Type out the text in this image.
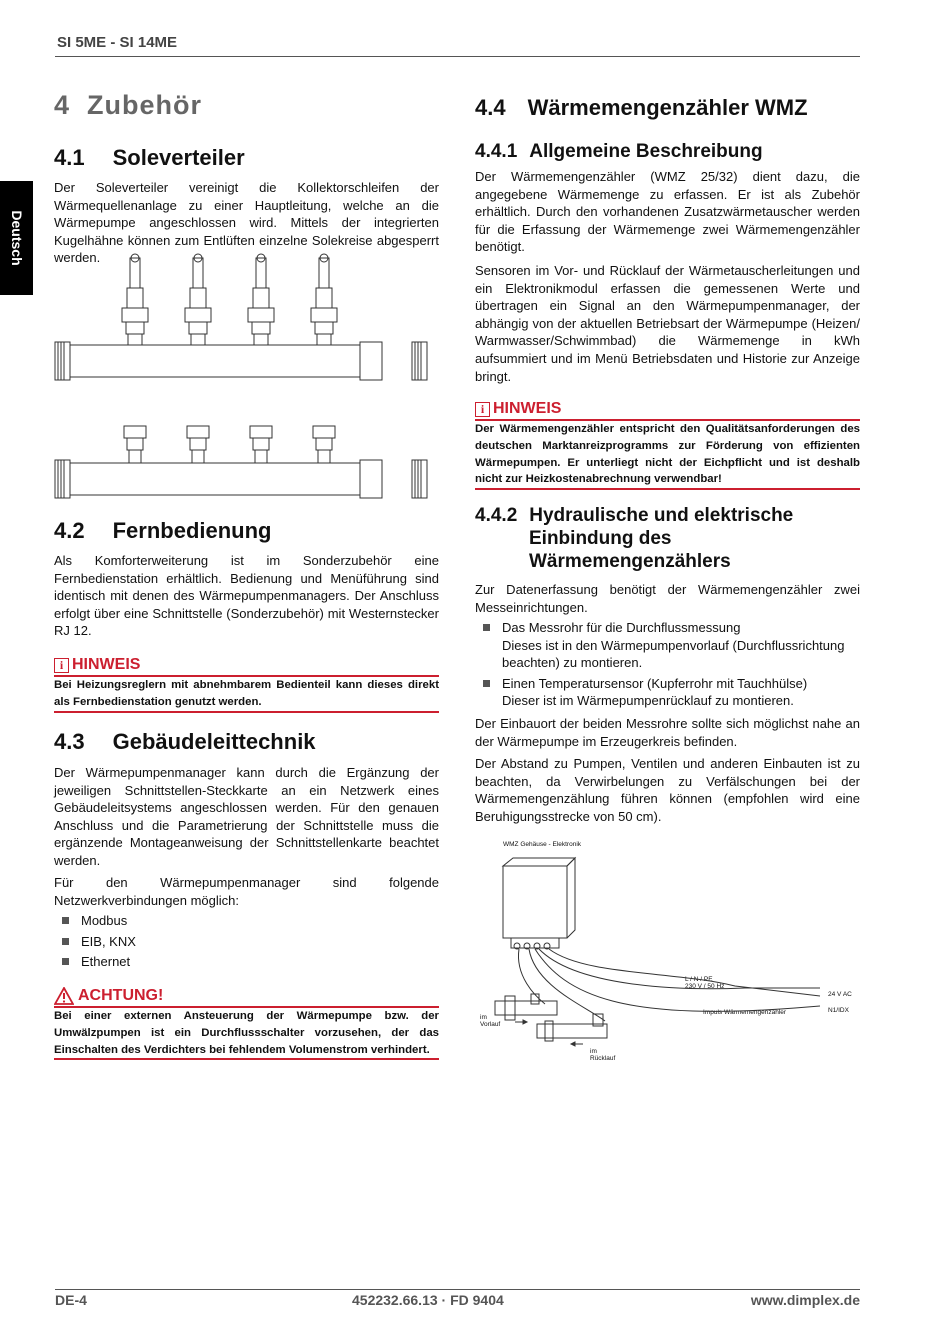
SI 5ME - SI 14ME
Deutsch
4 Zubehör
4.1 Soleverteiler
Der Soleverteiler vereinigt die Kollektorschleifen der Wärmequellenanlage zu einer Hauptleitung, welche an die Wärmepumpe angeschlossen wird. Mittels der integrierten Kugelhähne können zum Entlüften einzelne Solekreise abgesperrt werden.
4.2 Fernbedienung
Als Komforterweiterung ist im Sonderzubehör eine Fernbedienstation erhältlich. Bedienung und Menüführung sind identisch mit denen des Wärmepumpenmanagers. Der Anschluss erfolgt über eine Schnittstelle (Sonderzubehör) mit Westernstecker RJ 12.
i HINWEIS
Bei Heizungsreglern mit abnehmbarem Bedienteil kann dieses direkt als Fernbedienstation genutzt werden.
4.3 Gebäudeleittechnik
Der Wärmepumpenmanager kann durch die Ergänzung der jeweiligen Schnittstellen-Steckkarte an ein Netzwerk eines Gebäudeleitsystems angeschlossen werden. Für den genauen Anschluss und die Parametrierung der Schnittstelle muss die ergänzende Montageanweisung der Schnittstellenkarte beachtet werden.
Für den Wärmepumpenmanager sind folgende Netzwerkverbindungen möglich:
Modbus
EIB, KNX
Ethernet
ACHTUNG!
Bei einer externen Ansteuerung der Wärmepumpe bzw. der Umwälzpumpen ist ein Durchflussschalter vorzusehen, der das Einschalten des Verdichters bei fehlendem Volumenstrom verhindert.
4.4 Wärmemengenzähler WMZ
4.4.1 Allgemeine Beschreibung
Der Wärmemengenzähler (WMZ 25/32) dient dazu, die angegebene Wärmemenge zu erfassen. Er ist als Zubehör erhältlich. Durch den vorhandenen Zusatzwärmetauscher werden für die Erfassung der Wärmemenge zwei Wärmemengenzähler benötigt.
Sensoren im Vor- und Rücklauf der Wärmetauscherleitungen und ein Elektronikmodul erfassen die gemessenen Werte und übertragen ein Signal an den Wärmepumpenmanager, der abhängig von der aktuellen Betriebsart der Wärmepumpe (Heizen/ Warmwasser/Schwimmbad) die Wärmemenge in kWh aufsummiert und im Menü Betriebsdaten und Historie zur Anzeige bringt.
i HINWEIS
Der Wärmemengenzähler entspricht den Qualitätsanforderungen des deutschen Marktanreizprogramms zur Förderung von effizienten Wärmepumpen. Er unterliegt nicht der Eichpflicht und ist deshalb nicht zur Heizkostenabrechnung verwendbar!
4.4.2 Hydraulische und elektrische
Einbindung des
Wärmemengenzählers
Zur Datenerfassung benötigt der Wärmemengenzähler zwei Messeinrichtungen.
Das Messrohr für die Durchflussmessung
Dieses ist in den Wärmepumpenvorlauf (Durchflussrichtung beachten) zu montieren.
Einen Temperatursensor (Kupferrohr mit Tauchhülse)
Dieser ist im Wärmepumpenrücklauf zu montieren.
Der Einbauort der beiden Messrohre sollte sich möglichst nahe an der Wärmepumpe im Erzeugerkreis befinden.
Der Abstand zu Pumpen, Ventilen und anderen Einbauten ist zu beachten, da Verwirbelungen zu Verfälschungen bei der Wärmemengenzählung führen können (empfohlen wird eine Beruhigungsstrecke von 50 cm).
WMZ Gehäuse - Elektronik
L / N / PE
230 V / 50 Hz
24 V AC
N1/IDX
Impuls Wärmemengenzähler
im
Vorlauf
im
Rücklauf
DE-4	452232.66.13 · FD 9404	www.dimplex.de
